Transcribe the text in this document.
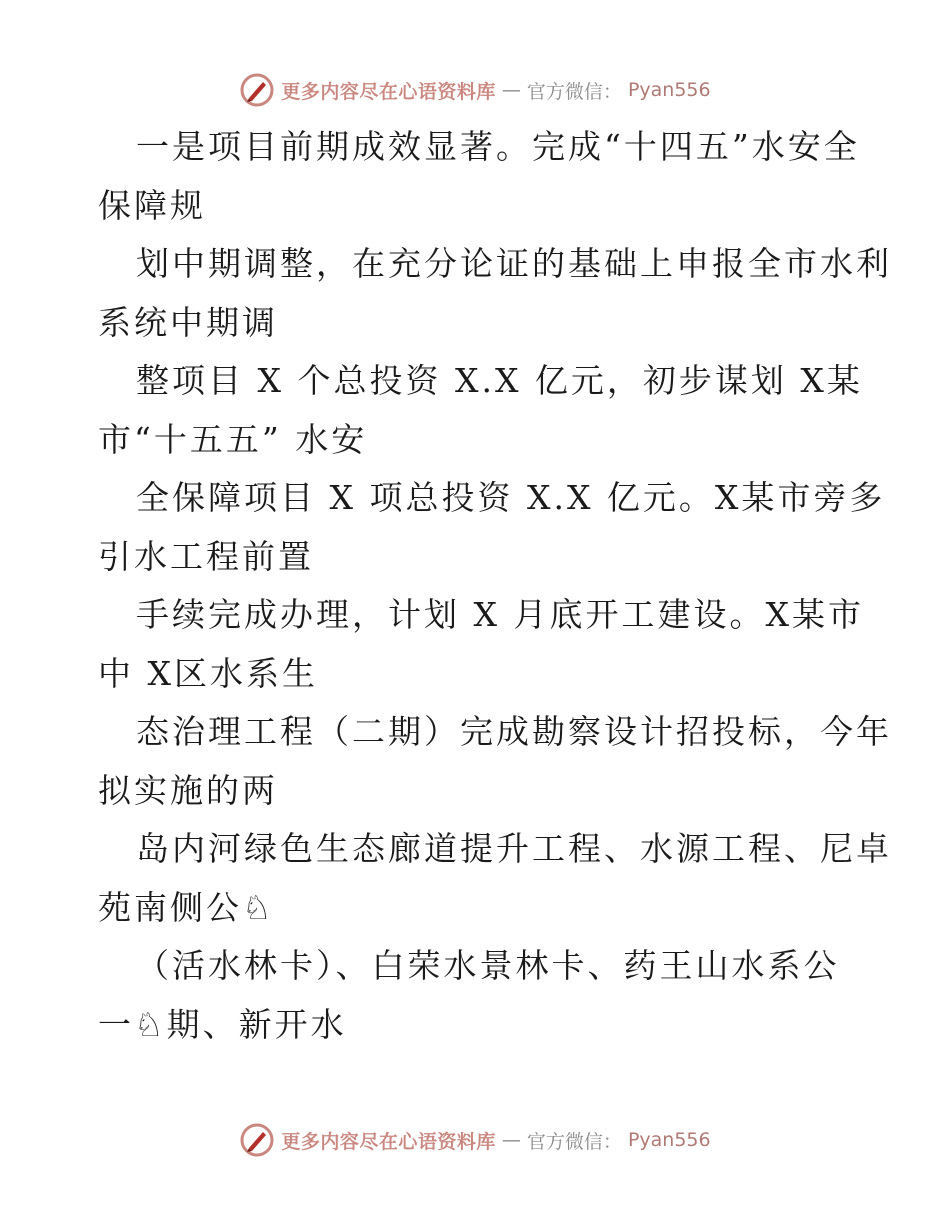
更多内容尽在心语资料库 — 官方微信： Pyan556
一是项目前期成效显著。完成“十四五”水安全
保障规
划中期调整，在充分论证的基础上申报全市水利
系统中期调
整项目 X 个总投资 X.X 亿元，初步谋划 X某
市“十五五” 水安
全保障项目 X 项总投资 X.X 亿元。X某市旁多
引水工程前置
手续完成办理，计划 X 月底开工建设。X某市
中 X区水系生
态治理工程（二期）完成勘察设计招投标，今年
拟实施的两
岛内河绿色生态廊道提升工程、水源工程、尼卓
苑南侧公♘
（活水林卡）、白荣水景林卡、药王山水系公
一♘期、新开水
更多内容尽在心语资料库 — 官方微信： Pyan556
